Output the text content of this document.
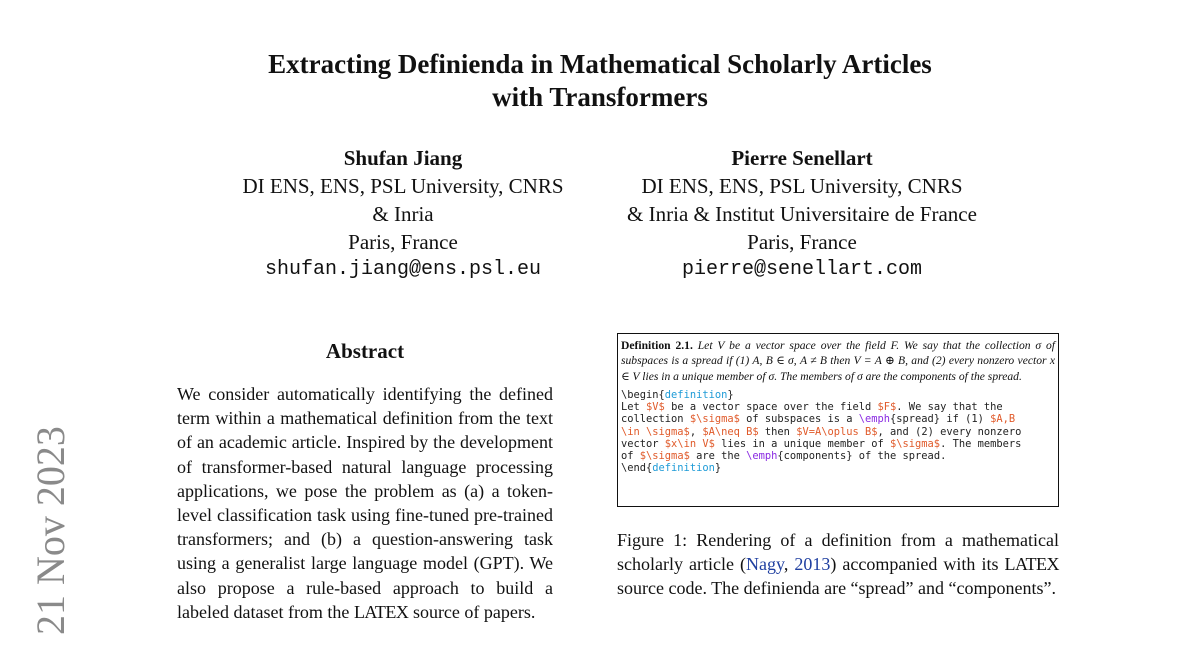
Extracting Definienda in Mathematical Scholarly Articles
with Transformers
Shufan Jiang
DI ENS, ENS, PSL University, CNRS
& Inria
Paris, France
shufan.jiang@ens.psl.eu
Pierre Senellart
DI ENS, ENS, PSL University, CNRS
& Inria & Institut Universitaire de France
Paris, France
pierre@senellart.com
21 Nov 2023
Abstract
We consider automatically identifying the defined term within a mathematical definition from the text of an academic article. Inspired by the development of transformer-based natural language processing applications, we pose the problem as (a) a token-level classification task using fine-tuned pre-trained transformers; and (b) a question-answering task using a generalist large language model (GPT). We also propose a rule-based approach to build a labeled dataset from the LATEX source of papers.
Definition 2.1. Let V be a vector space over the field F. We say that the collection σ of subspaces is a spread if (1) A, B ∈ σ, A ≠ B then V = A ⊕ B, and (2) every nonzero vector x ∈ V lies in a unique member of σ. The members of σ are the components of the spread.
\begin{definition}
Let $V$ be a vector space over the field $F$. We say that the
collection $\sigma$ of subspaces is a \emph{spread} if (1) $A,B
\in \sigma$, $A\neq B$ then $V=A\oplus B$, and (2) every nonzero
vector $x\in V$ lies in a unique member of $\sigma$. The members
of $\sigma$ are the \emph{components} of the spread.
\end{definition}
Figure 1: Rendering of a definition from a mathematical scholarly article (Nagy, 2013) accompanied with its LATEX source code. The definienda are “spread” and “components”.
